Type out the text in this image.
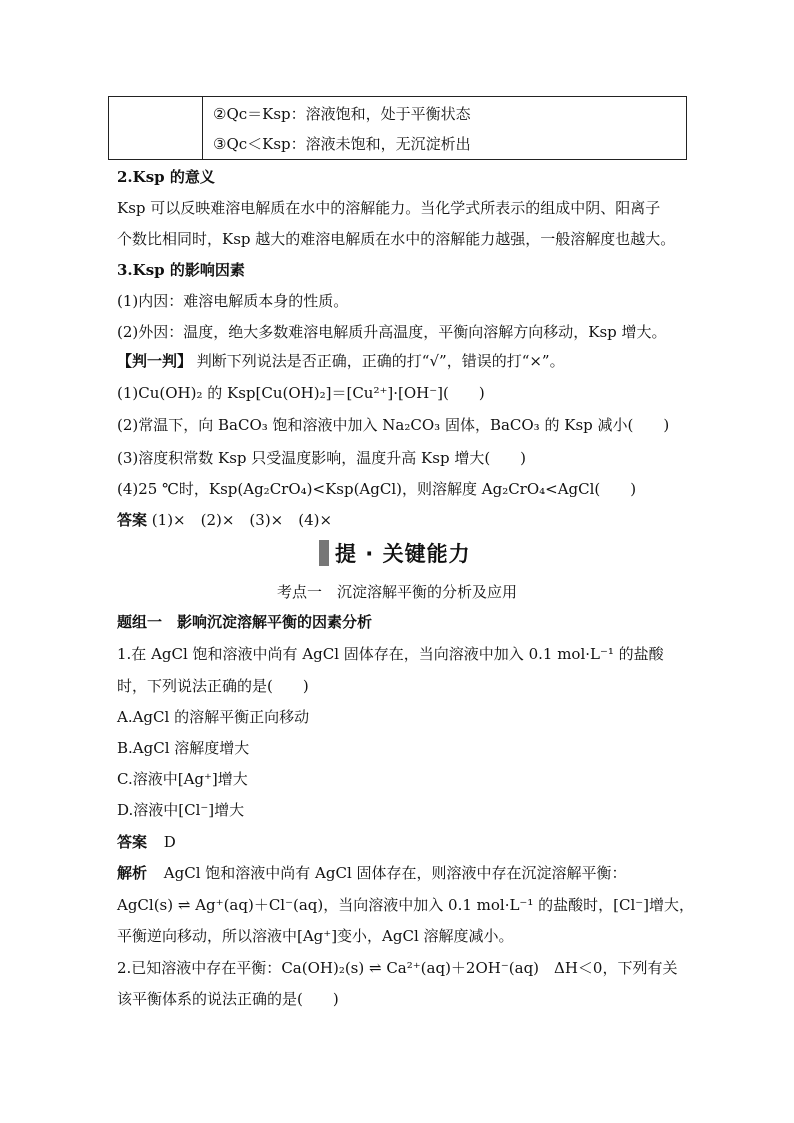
②Qᴄ＝Ksp：溶液饱和，处于平衡状态
③Qc＜Ksp：溶液未饱和，无沉淀析出
2.Ksp 的意义
Ksp 可以反映难溶电解质在水中的溶解能力。当化学式所表示的组成中阴、阳离子
个数比相同时，Ksp 越大的难溶电解质在水中的溶解能力越强，一般溶解度也越大。
3.Ksp 的影响因素
(1)内因：难溶电解质本身的性质。
(2)外因：温度，绝大多数难溶电解质升高温度，平衡向溶解方向移动，Ksp 增大。
【判一判】 判断下列说法是否正确，正确的打“√”，错误的打“×”。
(1)Cu(OH)₂ 的 Ksp[Cu(OH)₂]＝[Cu²⁺]·[OH⁻](　　)
(2)常温下，向 BaCO₃ 饱和溶液中加入 Na₂CO₃ 固体，BaCO₃ 的 Ksp 减小(　　)
(3)溶度积常数 Ksp 只受温度影响，温度升高 Ksp 增大(　　)
(4)25 ℃时，Ksp(Ag₂CrO₄)<Ksp(AgCl)，则溶解度 Ag₂CrO₄<AgCl(　　)
答案 (1)×　(2)×　(3)×　(4)×
提 · 关键能力
考点一　沉淀溶解平衡的分析及应用
题组一　影响沉淀溶解平衡的因素分析
1.在 AgCl 饱和溶液中尚有 AgCl 固体存在，当向溶液中加入 0.1 mol·L⁻¹ 的盐酸
时，下列说法正确的是(　　)
A.AgCl 的溶解平衡正向移动
B.AgCl 溶解度增大
C.溶液中[Ag⁺]增大
D.溶液中[Cl⁻]增大
答案 D
解析 AgCl 饱和溶液中尚有 AgCl 固体存在，则溶液中存在沉淀溶解平衡：
AgCl(s) ⇌ Ag⁺(aq)＋Cl⁻(aq)，当向溶液中加入 0.1 mol·L⁻¹ 的盐酸时，[Cl⁻]增大，
平衡逆向移动，所以溶液中[Ag⁺]变小，AgCl 溶解度减小。
2.已知溶液中存在平衡：Ca(OH)₂(s) ⇌ Ca²⁺(aq)＋2OH⁻(aq)　ΔH＜0，下列有关
该平衡体系的说法正确的是(　　)
